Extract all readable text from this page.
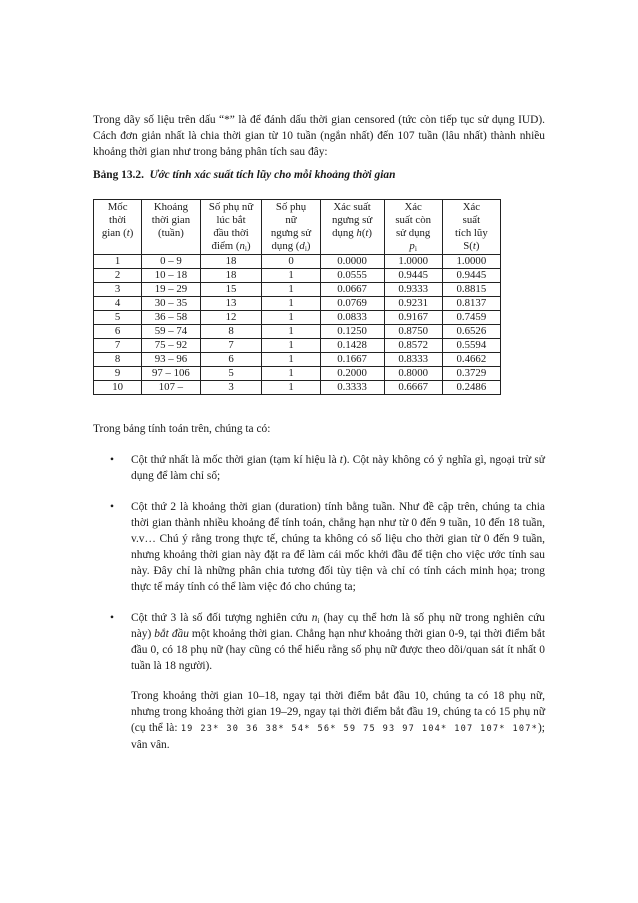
Trong dãy số liệu trên dấu “*” là để đánh dấu thời gian censored (tức còn tiếp tục sử dụng IUD). Cách đơn giản nhất là chia thời gian từ 10 tuần (ngắn nhất) đến 107 tuần (lâu nhất) thành nhiều khoảng thời gian như trong bảng phân tích sau đây:

Bảng 13.2. Ước tính xác suất tích lũy cho mỗi khoảng thời gian

Mốc
thời
gian (t)	Khoảng
thời gian
(tuần)	Số phụ nữ
lúc bắt
đầu thời
điểm $(n_i)$	Số phụ
nữ
ngưng sử
dụng $(d_i)$	Xác suất
ngưng sử
dụng h(t)	Xác
suất còn
sử dụng
$p_i$	Xác
suất
tích lũy
S(t)
1	0 – 9	18	0	0.0000	1.0000	1.0000
2	10 – 18	18	1	0.0555	0.9445	0.9445
3	19 – 29	15	1	0.0667	0.9333	0.8815
4	30 – 35	13	1	0.0769	0.9231	0.8137
5	36 – 58	12	1	0.0833	0.9167	0.7459
6	59 – 74	8	1	0.1250	0.8750	0.6526
7	75 – 92	7	1	0.1428	0.8572	0.5594
8	93 – 96	6	1	0.1667	0.8333	0.4662
9	97 – 106	5	1	0.2000	0.8000	0.3729
10	107 –	3	1	0.3333	0.6667	0.2486

Trong bảng tính toán trên, chúng ta có:

• Cột thứ nhất là mốc thời gian (tạm kí hiệu là t). Cột này không có ý nghĩa gì, ngoại trừ sử dụng để làm chỉ số;
• Cột thứ 2 là khoảng thời gian (duration) tính bằng tuần. Như đề cập trên, chúng ta chia thời gian thành nhiều khoảng để tính toán, chẳng hạn như từ 0 đến 9 tuần, 10 đến 18 tuần, v.v… Chú ý rằng trong thực tế, chúng ta không có số liệu cho thời gian từ 0 đến 9 tuần, nhưng khoảng thời gian này đặt ra để làm cái mốc khởi đầu để tiện cho việc ước tính sau này. Đây chỉ là những phân chia tương đối tùy tiện và chỉ có tính cách minh họa; trong thực tế máy tính có thể làm việc đó cho chúng ta;
• Cột thứ 3 là số đối tượng nghiên cứu $n_i$ (hay cụ thể hơn là số phụ nữ trong nghiên cứu này) bắt đầu một khoảng thời gian. Chẳng hạn như khoảng thời gian 0-9, tại thời điểm bắt đầu 0, có 18 phụ nữ (hay cũng có thể hiểu rằng số phụ nữ được theo dõi/quan sát ít nhất 0 tuần là 18 người).

Trong khoảng thời gian 10–18, ngay tại thời điểm bắt đầu 10, chúng ta có 18 phụ nữ, nhưng trong khoảng thời gian 19–29, ngay tại thời điểm bắt đầu 19, chúng ta có 15 phụ nữ (cụ thể là: 19 23* 30 36 38* 54* 56* 59 75 93 97 104* 107 107* 107*); vân vân.
